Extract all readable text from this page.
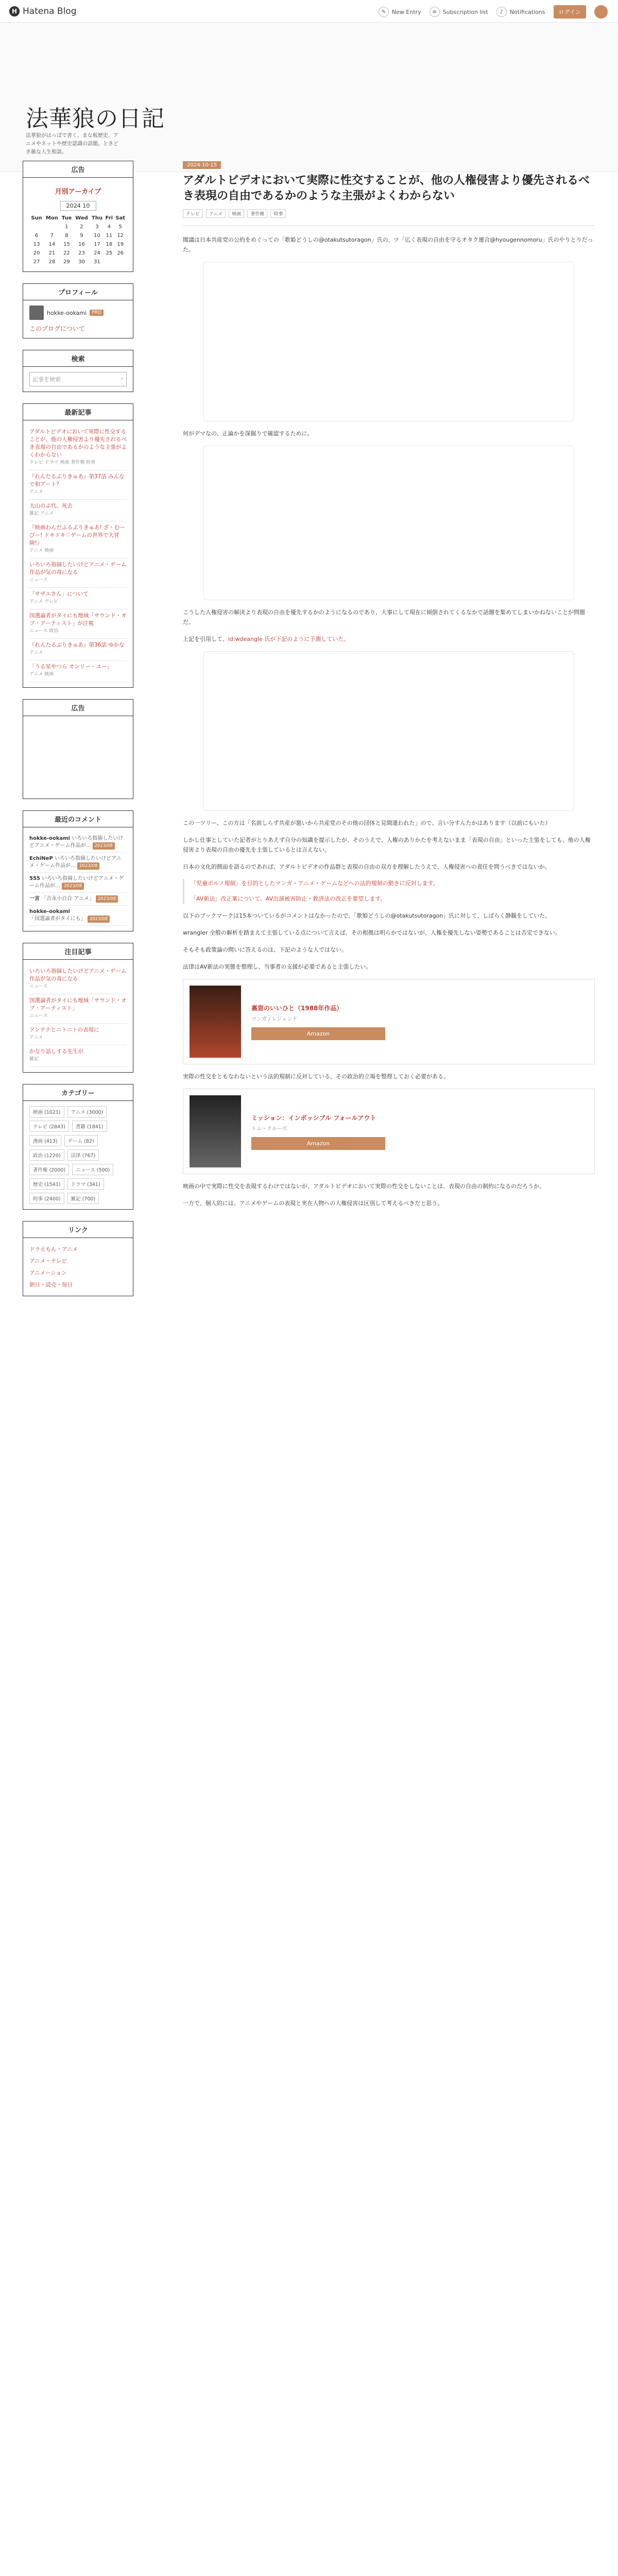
H Hatena Blog	✎	New Entry	≡	Subscription list	♪	Notifications	ログイン
法華狼の日記
法華狼がはっぱで書く、まな板歴史、アニメやネットや歴史認識の話題。ときどき雑な人生相談。
広告
月別アーカイブ
2024 10
Sun	Mon	Tue	Wed	Thu	Fri	Sat
		1	2	3	4	5
6	7	8	9	10	11	12
13	14	15	16	17	18	19
20	21	22	23	24	25	26
27	28	29	30	31		
プロフィール
hokke-ookami	PRO
このブログについて
検索
記事を検索	⌕
最新記事
アダルトビデオにおいて実際に性交することが、他の人権侵害より優先されるべき表現の自由であるかのような主張がよくわからない
テレビ ドラマ 映画 著作権 時事
『れんたるぶりきゅあ』第37話 みんなで和アート？
アニメ
大山のぶ代、死去
雑記 アニメ
『映画わんだふるぷりきゅあ! ざ・むーびー! ドキドキ♡ゲームの世界で大冒険!』
アニメ 映画
いろいろ指摘したいけどアニメ・ゲーム作品が気の毒になる
ニュース
「サザエさん」について
アニメ テレビ
国選論者がタイにも地域「サウンド・オブ・アーティスト」が注視
ニュース 政治
『れんたるぶりきゅあ』第36話 ゆかな
アニメ
「うる星やつら オンリー・ユー」
アニメ 映画
広告
最近のコメント
hokke-ookami いろいろ指摘したいけどアニメ・ゲーム作品が… 2023/08
EchiNeP いろいろ指摘したいけどアニメ・ゲーム作品が… 2023/08
555 いろいろ指摘したいけどアニメ・ゲーム作品が… 2023/08
一言 「吉永小百合 アニメ」 2023/08
hokke-ookami 「国選論者がタイにも」 2023/08
注目記事
いろいろ指摘したいけどアニメ・ゲーム作品が気の毒になる
ニュース
国選論者がタイにも地域「サウンド・オブ・アーティスト」
ニュース
アンテナとニトニトの表現に
アニメ
かなり話しする先生が
雑記
カテゴリー
映画 (1021)	アニメ (3000)
テレビ (2843)	書籍 (1841)
漫画 (413)	ゲーム (82)
政治 (1220)	法律 (767)
著作権 (2000)	ニュース (500)
歴史 (1541)	ドラマ (341)
時事 (2400)	雑記 (700)
リンク
ドラえもん・アニメ
アニメ・テレビ
アニメーション
朝日・読売・毎日
2024-10-15
アダルトビデオにおいて実際に性交することが、他の人権侵害より優先されるべき表現の自由であるかのような主張がよくわからない
テレビ	アニメ	映画	著作権	時事

閣議は日本共産党の公約をめぐっての「歌姫どうしの@otakutsutoragon」氏の、ツ「広く表現の自由を守るオタク連合@hyougennomoru」氏のやりとりだった。

何がデマなの、正論かを深掘りで確認するために。

こうした人権侵害の解決より表現の自由を優先するかのようになるのであり、大事にして現在に傾倒されてくるなかで話題を集めてしまいかねないことが問題だ。

上記を引用して、id:wdeangle 氏が下記のように予測していた。

この一ツリー、この方は「名前しらず共産が悪いから共産党のその他の団体と見間違われた」ので、言い分すんたかはあります（以前にもいた）

しかし仕事としていた記者がとりあえず自分の知識を提示したが、そのうえで、人権のありかたを考えないまま「表現の自由」といった主張をしても、他の人権侵害より表現の自由の優先を主張しているとは言えない。

日本の文化的側面を語るのであれば、アダルトビデオの作品群と表現の自由の双方を理解したうえで、人権侵害への責任を問うべきではないか。

「児童ポルノ規制」を目的としたマンガ・アニメ・ゲームなどへの法的規制の動きに反対します。
「AV新法」改正案について、AV出演被害防止・救済法の改正を要望します。

以下のブックマークは15本ついているがコメントはなかったので、「歌姫どうしの@otakutsutoragon」氏に対して、しばらく静観をしていた。

wrangler 全般の解析を踏まえて主張している点について言えば、その根拠は明らかではないが、人権を優先しない姿勢であることは否定できない。

そもそも政策論の問いに答えるのは、下記のような人ではない。

法律はAV新法の実態を整理し、当事者の支援が必要であると主張したい。

裏窓のいいひと（1988年作品）
マンガ / レジェンド
Amazon

実際の性交をともなわないという法的規制に反対している、その政治的立場を整理しておく必要がある。

ミッション：インポッシブル フォールアウト
トム・クルーズ
Amazon

映画の中で実際に性交を表現するわけではないが、アダルトビデオにおいて実際の性交をしないことは、表現の自由の制約になるのだろうか。

一方で、個人的には、アニメやゲームの表現と実在人物への人権侵害は区別して考えるべきだと思う。
